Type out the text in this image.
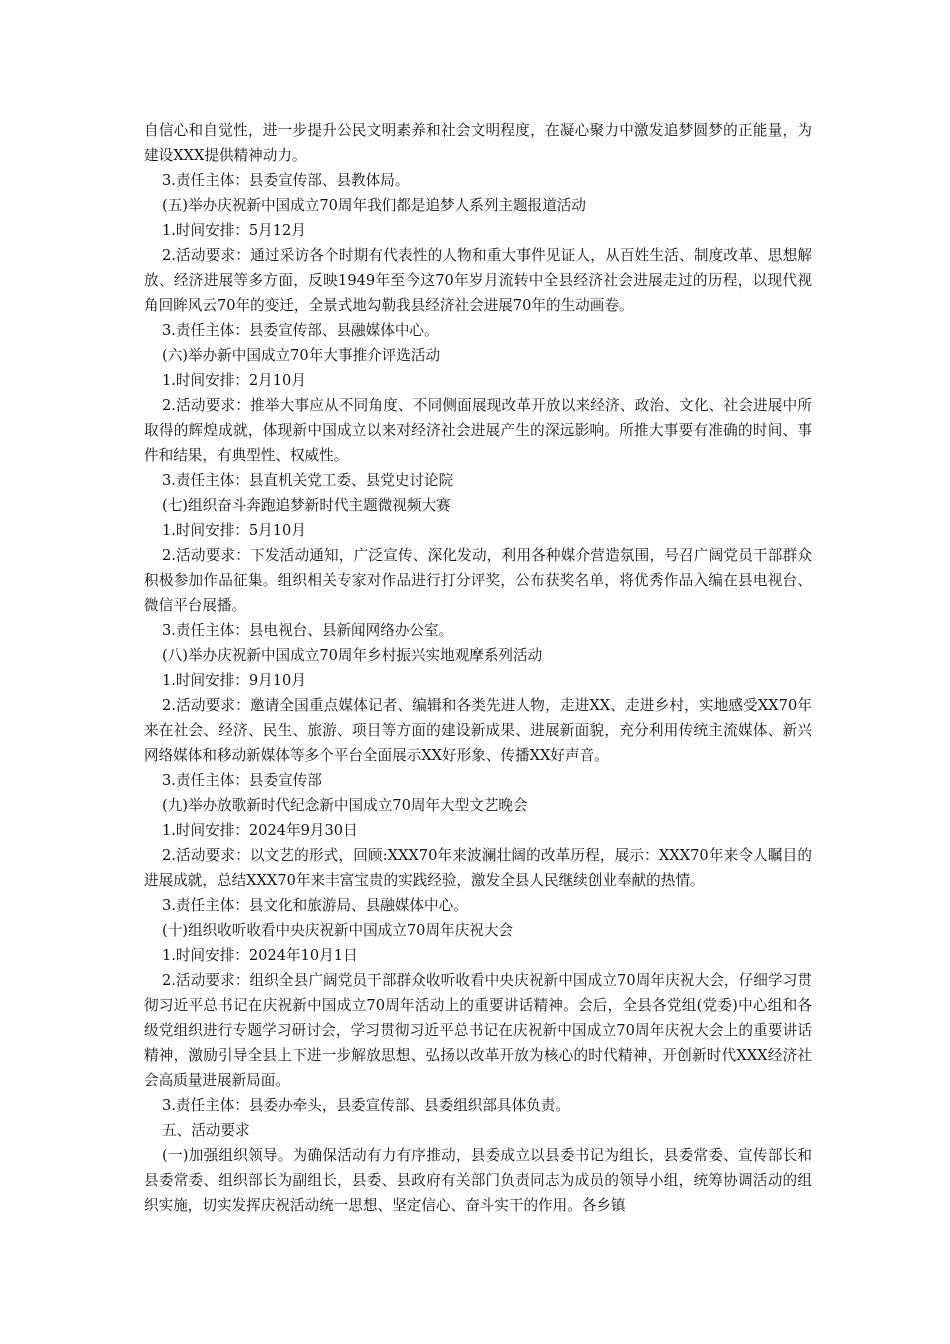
自信心和自觉性，进一步提升公民文明素养和社会文明程度，在凝心聚力中激发追梦圆梦的正能量，为建设XXX提供精神动力。

3.责任主体：县委宣传部、县教体局。

(五)举办庆祝新中国成立70周年我们都是追梦人系列主题报道活动

1.时间安排：5月12月

2.活动要求：通过采访各个时期有代表性的人物和重大事件见证人，从百姓生活、制度改革、思想解放、经济进展等多方面，反映1949年至今这70年岁月流转中全县经济社会进展走过的历程，以现代视角回眸风云70年的变迁，全景式地勾勒我县经济社会进展70年的生动画卷。

3.责任主体：县委宣传部、县融媒体中心。

(六)举办新中国成立70年大事推介评选活动

1.时间安排：2月10月

2.活动要求：推举大事应从不同角度、不同侧面展现改革开放以来经济、政治、文化、社会进展中所取得的辉煌成就，体现新中国成立以来对经济社会进展产生的深远影响。所推大事要有准确的时间、事件和结果，有典型性、权威性。

3.责任主体：县直机关党工委、县党史讨论院

(七)组织奋斗奔跑追梦新时代主题微视频大赛

1.时间安排：5月10月

2.活动要求：下发活动通知，广泛宣传、深化发动，利用各种媒介营造氛围，号召广阔党员干部群众积极参加作品征集。组织相关专家对作品进行打分评奖，公布获奖名单，将优秀作品入编在县电视台、微信平台展播。

3.责任主体：县电视台、县新闻网络办公室。

(八)举办庆祝新中国成立70周年乡村振兴实地观摩系列活动

1.时间安排：9月10月

2.活动要求：邀请全国重点媒体记者、编辑和各类先进人物，走进XX、走进乡村，实地感受XX70年来在社会、经济、民生、旅游、项目等方面的建设新成果、进展新面貌，充分利用传统主流媒体、新兴网络媒体和移动新媒体等多个平台全面展示XX好形象、传播XX好声音。

3.责任主体：县委宣传部

(九)举办放歌新时代纪念新中国成立70周年大型文艺晚会

1.时间安排：2024年9月30日

2.活动要求：以文艺的形式，回顾:XXX70年来波澜壮阔的改革历程，展示：XXX70年来令人瞩目的进展成就，总结XXX70年来丰富宝贵的实践经验，激发全县人民继续创业奉献的热情。

3.责任主体：县文化和旅游局、县融媒体中心。

(十)组织收听收看中央庆祝新中国成立70周年庆祝大会

1.时间安排：2024年10月1日

2.活动要求：组织全县广阔党员干部群众收听收看中央庆祝新中国成立70周年庆祝大会，仔细学习贯彻习近平总书记在庆祝新中国成立70周年活动上的重要讲话精神。会后，全县各党组(党委)中心组和各级党组织进行专题学习研讨会，学习贯彻习近平总书记在庆祝新中国成立70周年庆祝大会上的重要讲话精神，激励引导全县上下进一步解放思想、弘扬以改革开放为核心的时代精神，开创新时代XXX经济社会高质量进展新局面。

3.责任主体：县委办牵头，县委宣传部、县委组织部具体负责。

五、活动要求

(一)加强组织领导。为确保活动有力有序推动，县委成立以县委书记为组长，县委常委、宣传部长和县委常委、组织部长为副组长，县委、县政府有关部门负责同志为成员的领导小组，统筹协调活动的组织实施，切实发挥庆祝活动统一思想、坚定信心、奋斗实干的作用。各乡镇
